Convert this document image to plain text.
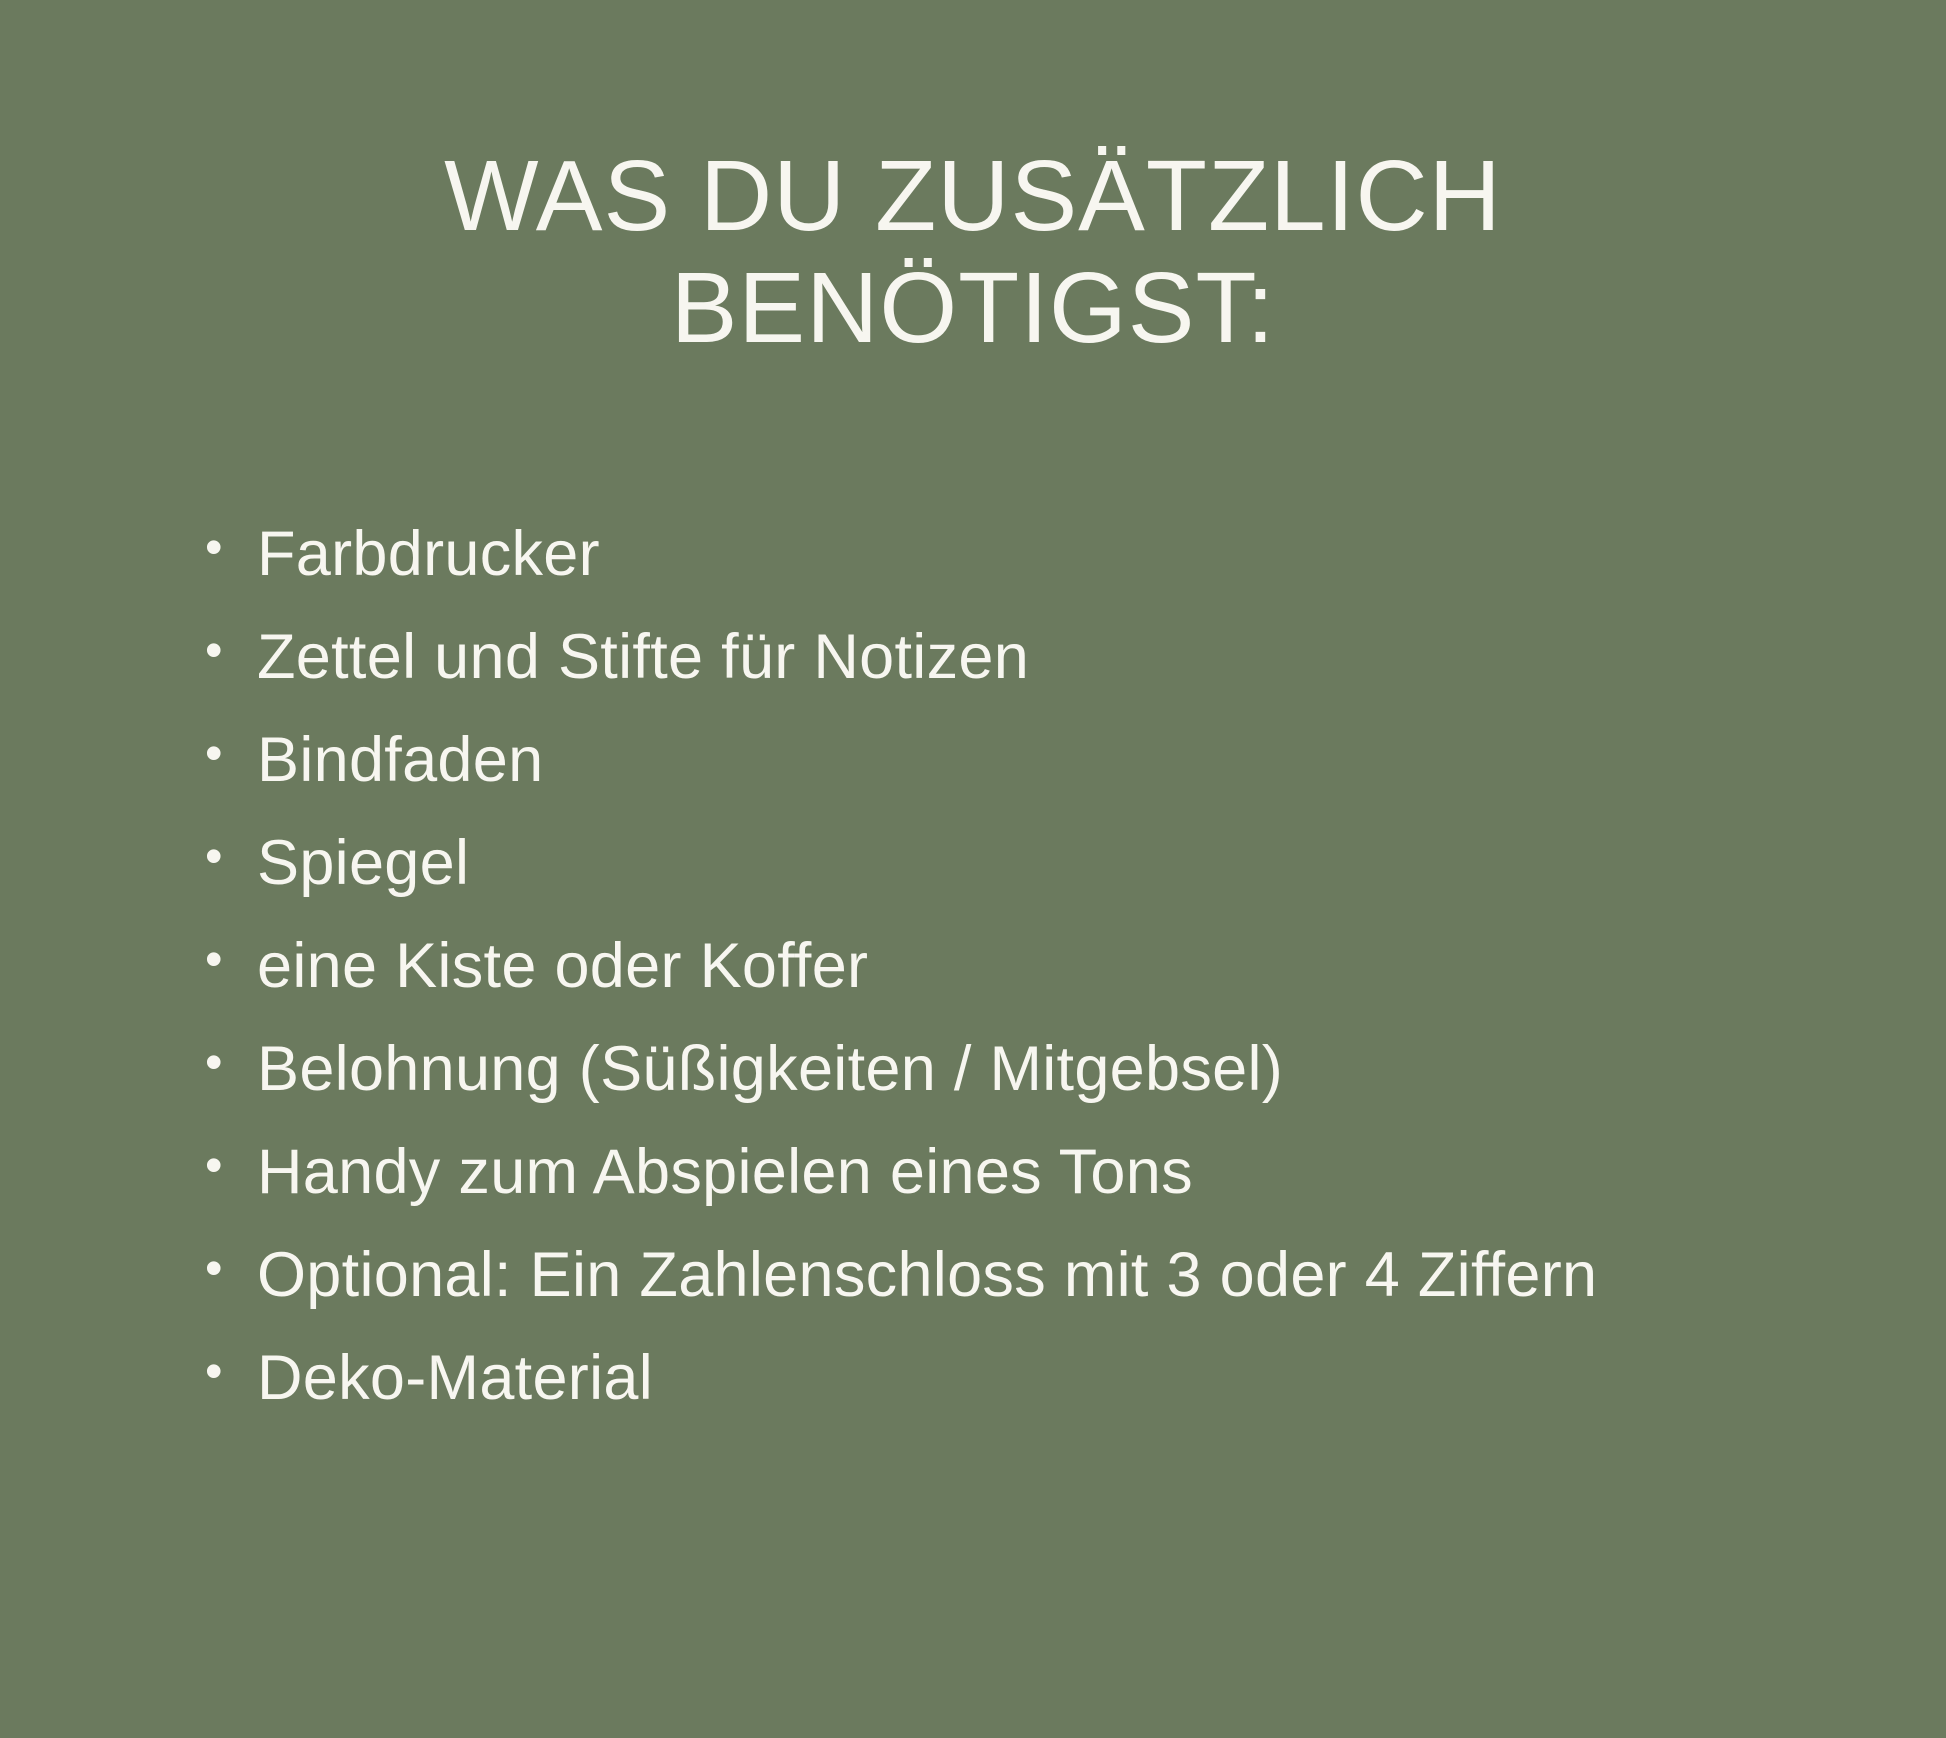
WAS DU ZUSÄTZLICH BENÖTIGST:
• Farbdrucker
• Zettel und Stifte für Notizen
• Bindfaden
• Spiegel
• eine Kiste oder Koffer
• Belohnung (Süßigkeiten / Mitgebsel)
• Handy zum Abspielen eines Tons
• Optional: Ein Zahlenschloss mit 3 oder 4 Ziffern
• Deko-Material
